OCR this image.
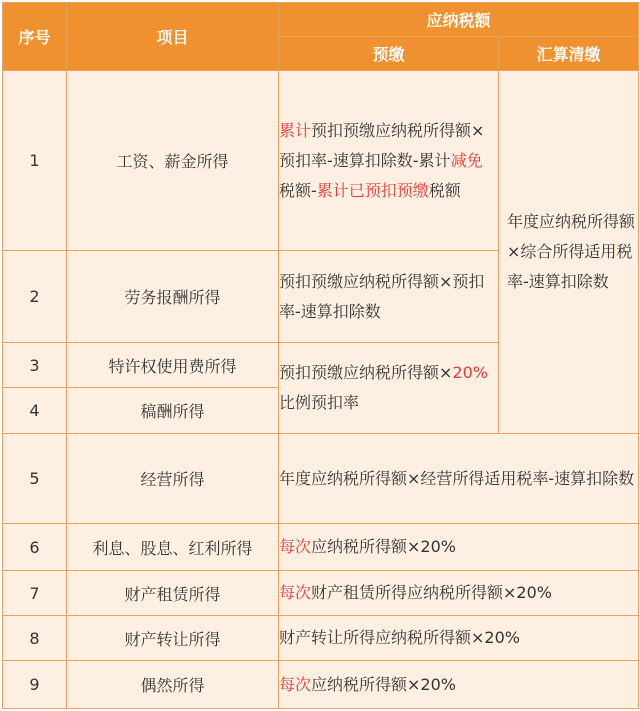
序号	项目	应纳税额	
		预缴	汇算清缴
1	工资、薪金所得	累计预扣预缴应纳税所得额×预扣率-速算扣除数-累计减免税额-累计已预扣预缴税额	年度应纳税所得额×综合所得适用税率-速算扣除数
2	劳务报酬所得	预扣预缴应纳税所得额×预扣率-速算扣除数	
3	特许权使用费所得	预扣预缴应纳税所得额×20%比例预扣率	
4	稿酬所得		
5	经营所得	年度应纳税所得额×经营所得适用税率-速算扣除数	
6	利息、股息、红利所得	每次应纳税所得额×20%	
7	财产租赁所得	每次财产租赁所得应纳税所得额×20%	
8	财产转让所得	财产转让所得应纳税所得额×20%	
9	偶然所得	每次应纳税所得额×20%	
